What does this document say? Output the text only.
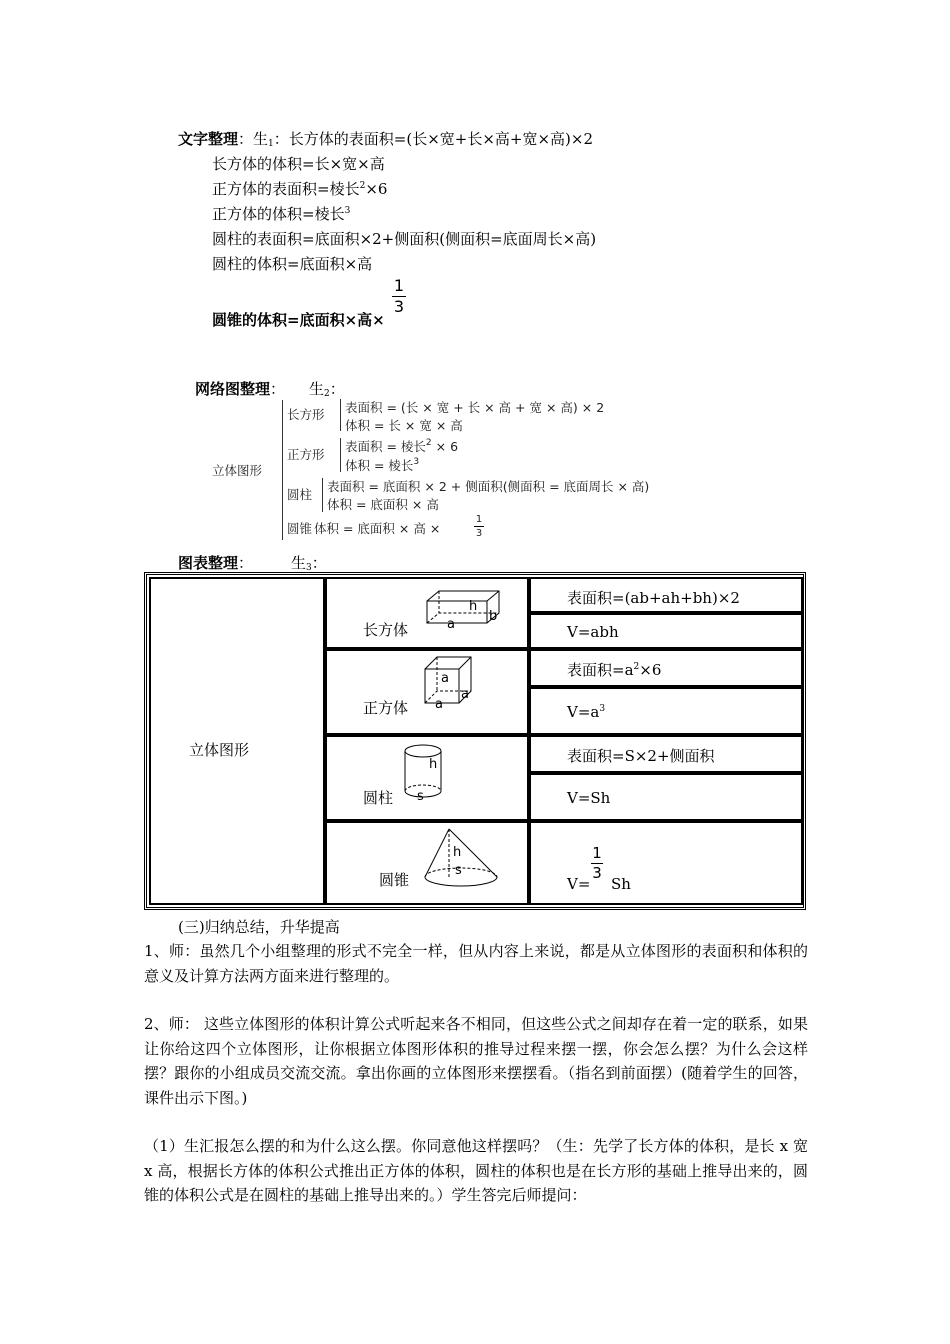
文字整理：生$_1$：长方体的表面积=(长×宽+长×高+宽×高)×2
长方体的体积=长×宽×高
正方体的表面积=棱长$^2$×6
正方体的体积=棱长$^3$
圆柱的表面积=底面积×2+侧面积(侧面积=底面周长×高)
圆柱的体积=底面积×高
圆锥的体积=底面积×高×
1
3
网络图整理： 生$_2$：
立体图形
长方形 表面积 = (长 × 宽 + 长 × 高 + 宽 × 高) × 2
体积 = 长 × 宽 × 高
正方形
表面积 = 棱长$^2$ × 6
体积 = 棱长$^3$
圆柱
表面积 = 底面积 × 2 + 侧面积(侧面积 = 底面周长 × 高)
体积 = 底面积 × 高
圆锥 体积 = 底面积 × 高 ×
1
3
图表整理：	生$_3$：
立体图形
h
a
b
长方体
表面积=(ab+ah+bh)×2
V=abh
a
a
a
正方体
表面积$=a^2\times 6$
$V=a^3$
h
s
圆柱
表面积=S×2+侧面积
V=Sh
h
s
圆锥	V=
1
3
Sh
(三)归纳总结，升华提高
1、师：虽然几个小组整理的形式不完全一样，但从内容上来说，都是从立体图形的表面积和体积的意义及计算方法两方面来进行整理的。
2、师： 这些立体图形的体积计算公式听起来各不相同，但这些公式之间却存在着一定的联系，如果让你给这四个立体图形，让你根据立体图形体积的推导过程来摆一摆，你会怎么摆？为什么会这样摆？跟你的小组成员交流交流。拿出你画的立体图形来摆摆看。（指名到前面摆）(随着学生的回答，课件出示下图。)
（1）生汇报怎么摆的和为什么这么摆。你同意他这样摆吗？（生：先学了长方体的体积，是长 x 宽 x 高，根据长方体的体积公式推出正方体的体积，圆柱的体积也是在长方形的基础上推导出来的，圆锥的体积公式是在圆柱的基础上推导出来的。）学生答完后师提问：
